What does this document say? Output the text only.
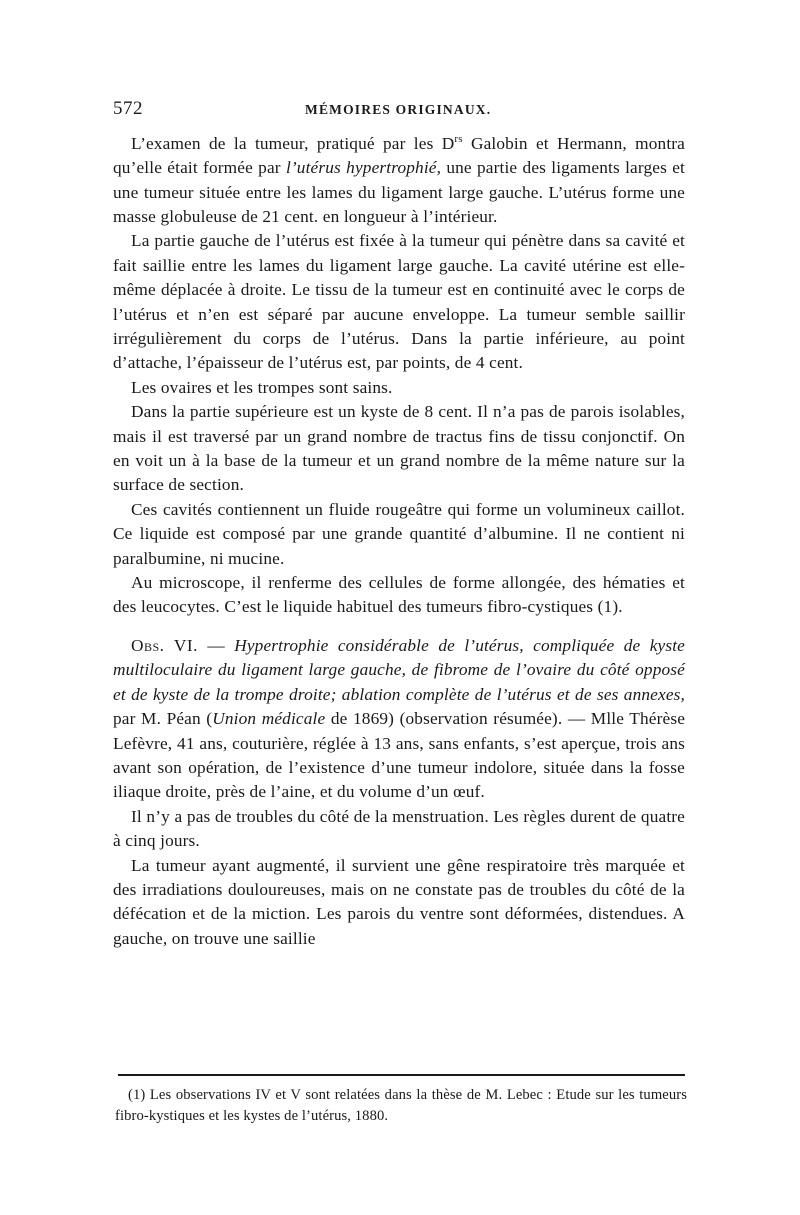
572	MÉMOIRES ORIGINAUX.

L’examen de la tumeur, pratiqué par les $D^{rs}$ Galobin et Hermann, montra qu’elle était formée par l’utérus hypertrophié, une partie des ligaments larges et une tumeur située entre les lames du ligament large gauche. L’utérus forme une masse globuleuse de 21 cent. en longueur à l’intérieur.

La partie gauche de l’utérus est fixée à la tumeur qui pénètre dans sa cavité et fait saillie entre les lames du ligament large gauche. La cavité utérine est elle-même déplacée à droite. Le tissu de la tumeur est en continuité avec le corps de l’utérus et n’en est séparé par aucune enveloppe. La tumeur semble saillir irrégulièrement du corps de l’utérus. Dans la partie inférieure, au point d’attache, l’épaisseur de l’utérus est, par points, de 4 cent.

Les ovaires et les trompes sont sains.

Dans la partie supérieure est un kyste de 8 cent. Il n’a pas de parois isolables, mais il est traversé par un grand nombre de tractus fins de tissu conjonctif. On en voit un à la base de la tumeur et un grand nombre de la même nature sur la surface de section.

Ces cavités contiennent un fluide rougeâtre qui forme un volumineux caillot. Ce liquide est composé par une grande quantité d’albumine. Il ne contient ni paralbumine, ni mucine.

Au microscope, il renferme des cellules de forme allongée, des hématies et des leucocytes. C’est le liquide habituel des tumeurs fibro-cystiques (1).

Obs. VI. — Hypertrophie considérable de l’utérus, compliquée de kyste multiloculaire du ligament large gauche, de fibrome de l’ovaire du côté opposé et de kyste de la trompe droite; ablation complète de l’utérus et de ses annexes, par M. Péan (Union médicale de 1869) (observation résumée). — Mlle Thérèse Lefèvre, 41 ans, couturière, réglée à 13 ans, sans enfants, s’est aperçue, trois ans avant son opération, de l’existence d’une tumeur indolore, située dans la fosse iliaque droite, près de l’aine, et du volume d’un œuf.

Il n’y a pas de troubles du côté de la menstruation. Les règles durent de quatre à cinq jours.

La tumeur ayant augmenté, il survient une gêne respiratoire très marquée et des irradiations douloureuses, mais on ne constate pas de troubles du côté de la défécation et de la miction. Les parois du ventre sont déformées, distendues. A gauche, on trouve une saillie

(1) Les observations IV et V sont relatées dans la thèse de M. Lebec : Etude sur les tumeurs fibro-kystiques et les kystes de l’utérus, 1880.
